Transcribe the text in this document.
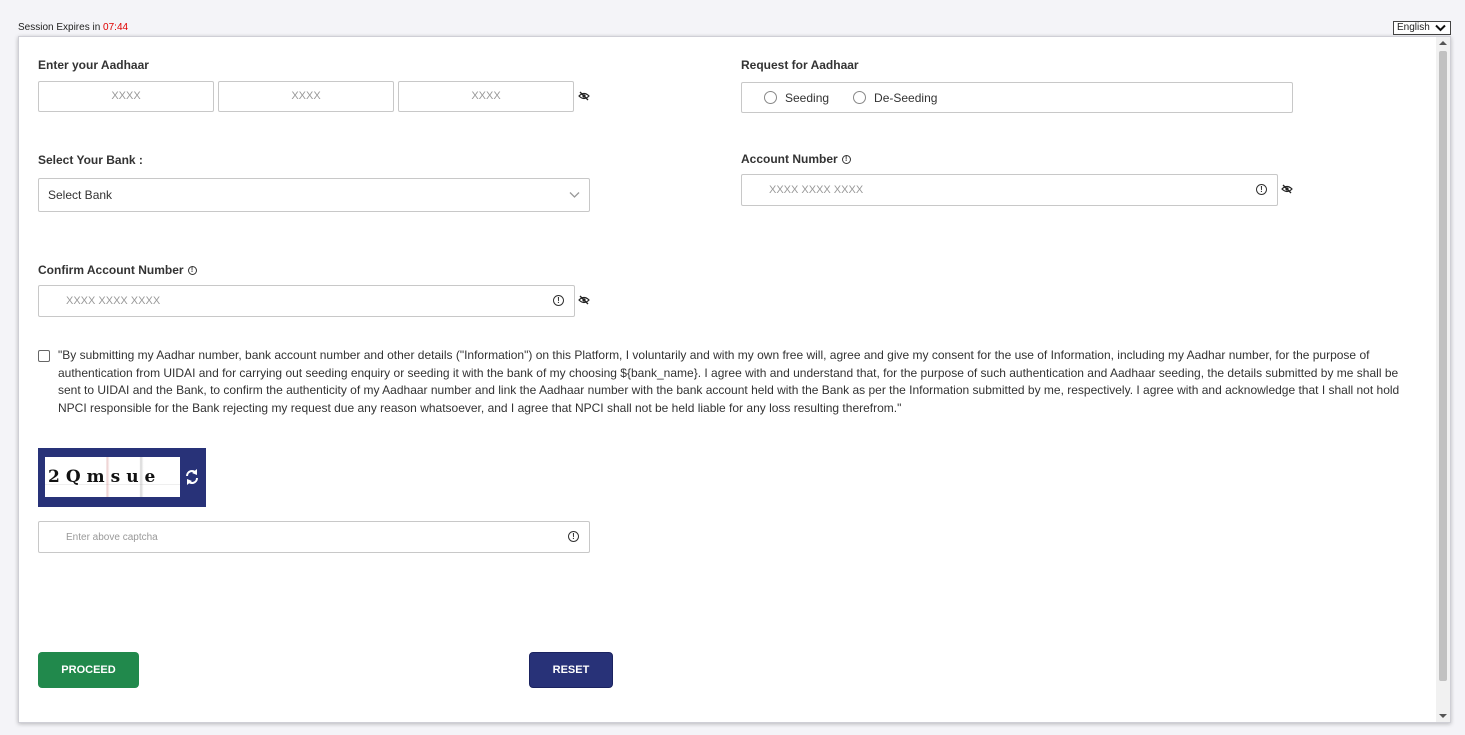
Session Expires in 07:44	English
Enter your Aadhaar
XXXX	XXXX	XXXX
Request for Aadhaar
Seeding	De-Seeding
Select Your Bank :
Select Bank
Account Number	!
XXXX XXXX XXXX	!
Confirm Account Number	!
XXXX XXXX XXXX	!

"By submitting my Aadhar number, bank account number and other details ("Information") on this Platform, I voluntarily and with my own free will, agree and give my consent for the use of Information, including my Aadhar number, for the purpose of authentication from UIDAI and for carrying out seeding enquiry or seeding it with the bank of my choosing ${bank_name}. I agree with and understand that, for the purpose of such authentication and Aadhaar seeding, the details submitted by me shall be sent to UIDAI and the Bank, to confirm the authenticity of my Aadhaar number and link the Aadhaar number with the bank account held with the Bank as per the Information submitted by me, respectively. I agree with and acknowledge that I shall not hold NPCI responsible for the Bank rejecting my request due any reason whatsoever, and I agree that NPCI shall not be held liable for any loss resulting therefrom."

2Qmsue
Enter above captcha	!
PROCEED	RESET
